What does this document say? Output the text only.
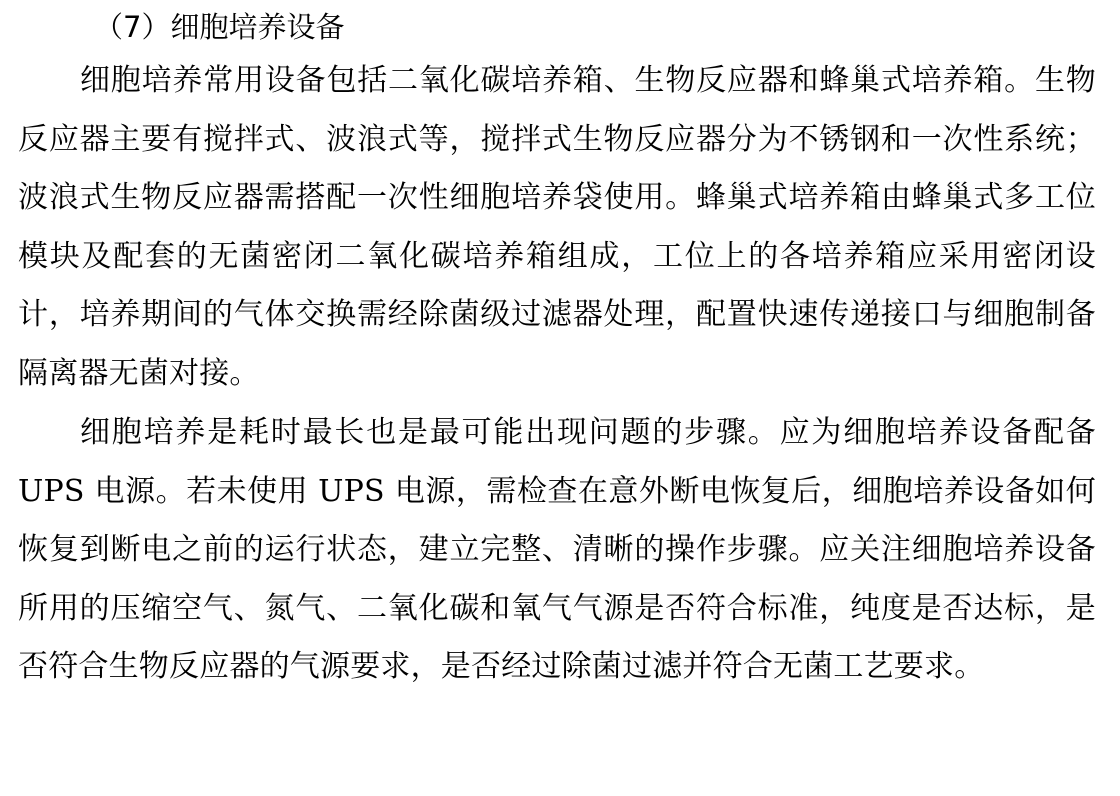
（7）细胞培养设备

细胞培养常用设备包括二氧化碳培养箱、生物反应器和蜂巢式培养箱。生物反应器主要有搅拌式、波浪式等，搅拌式生物反应器分为不锈钢和一次性系统；波浪式生物反应器需搭配一次性细胞培养袋使用。蜂巢式培养箱由蜂巢式多工位模块及配套的无菌密闭二氧化碳培养箱组成，工位上的各培养箱应采用密闭设计，培养期间的气体交换需经除菌级过滤器处理，配置快速传递接口与细胞制备隔离器无菌对接。

细胞培养是耗时最长也是最可能出现问题的步骤。应为细胞培养设备配备 UPS 电源。若未使用 UPS 电源，需检查在意外断电恢复后，细胞培养设备如何恢复到断电之前的运行状态，建立完整、清晰的操作步骤。应关注细胞培养设备所用的压缩空气、氮气、二氧化碳和氧气气源是否符合标准，纯度是否达标，是否符合生物反应器的气源要求，是否经过除菌过滤并符合无菌工艺要求。
